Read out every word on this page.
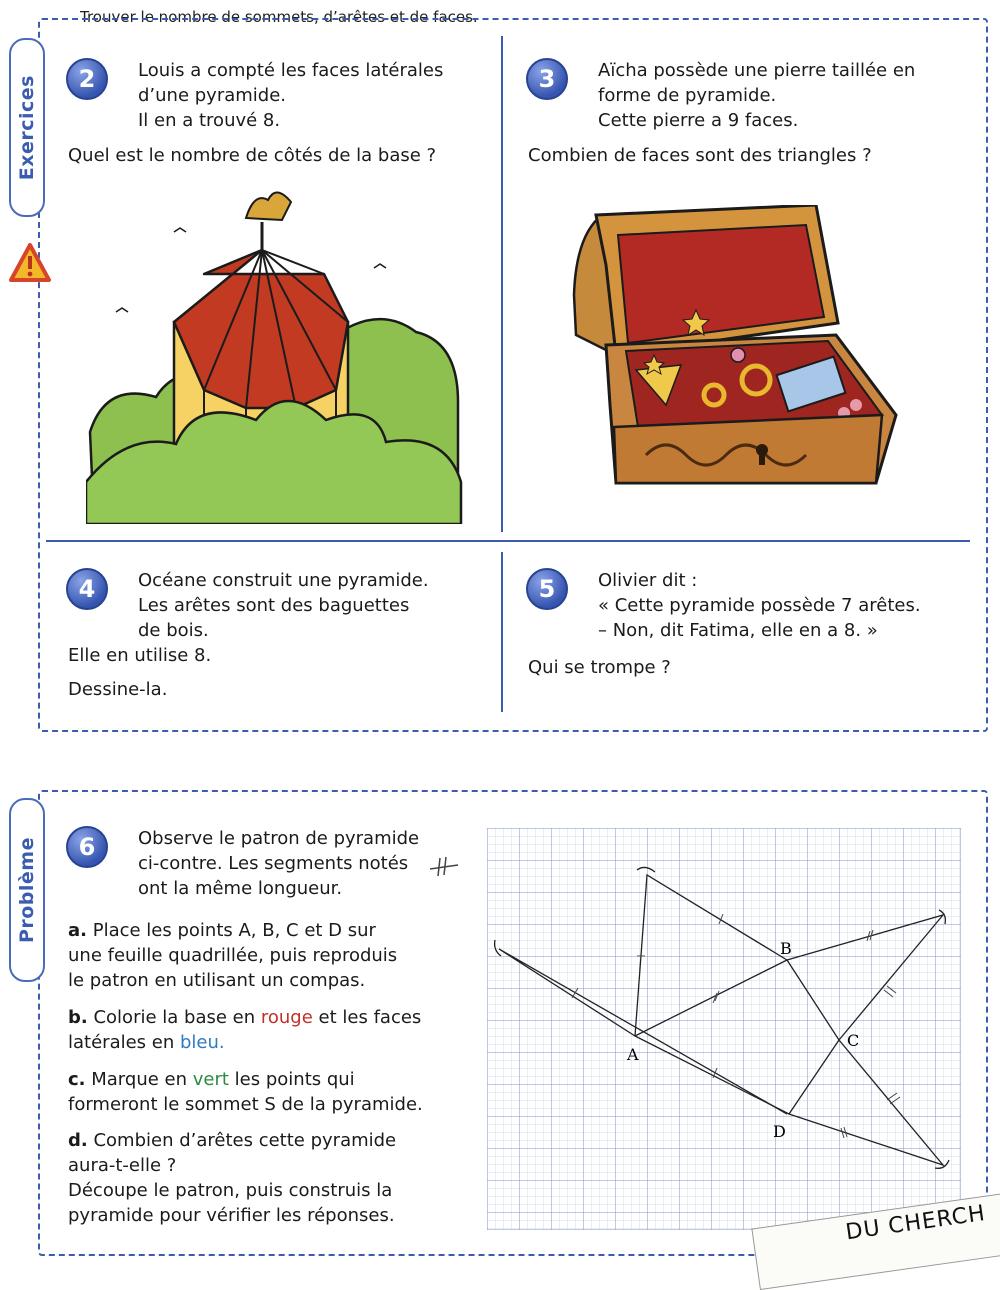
Trouver le nombre de sommets, d’arêtes et de faces.
Exercices
Problème
2	Louis a compté les faces latérales
d’une pyramide.
Il en a trouvé 8.
Quel est le nombre de côtés de la base ?
3	Aïcha possède une pierre taillée en
forme de pyramide.
Cette pierre a 9 faces.
Combien de faces sont des triangles ?
4	Océane construit une pyramide.
Les arêtes sont des baguettes
de bois.
Elle en utilise 8.
Dessine-la.
5	Olivier dit :
« Cette pyramide possède 7 arêtes.
– Non, dit Fatima, elle en a 8. »
Qui se trompe ?
6	Observe le patron de pyramide
ci-contre. Les segments notés
ont la même longueur.
a. Place les points A, B, C et D sur
une feuille quadrillée, puis reproduis
le patron en utilisant un compas.
b. Colorie la base en rouge et les faces
latérales en bleu.
c. Marque en vert les points qui
formeront le sommet S de la pyramide.
d. Combien d’arêtes cette pyramide
aura-t-elle ?
Découpe le patron, puis construis la
pyramide pour vérifier les réponses.
A
B
C
D
DU CHERCH
